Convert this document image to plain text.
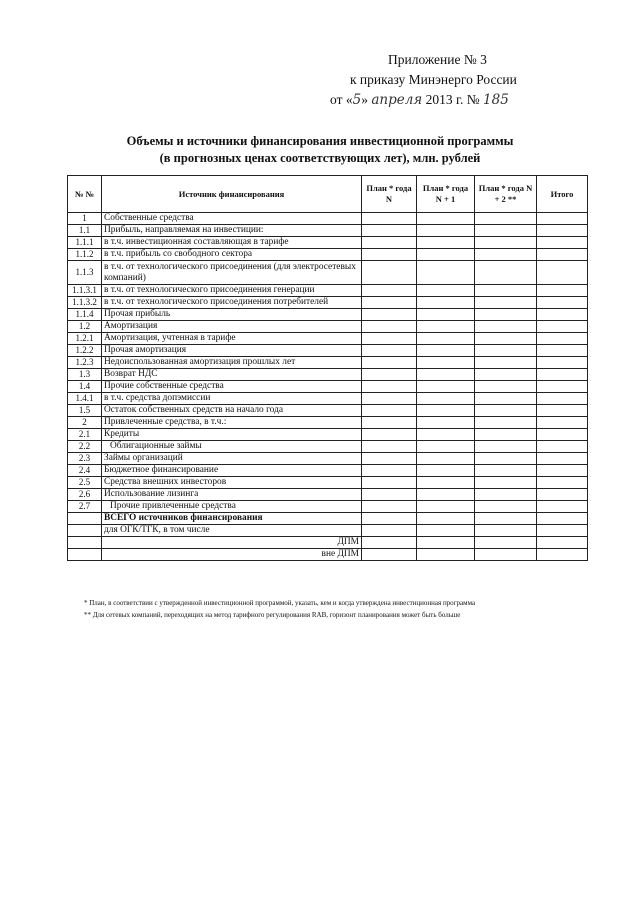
Приложение № 3
к приказу Минэнерго России
от «5» апреля 2013 г. № 185
Объемы и источники финансирования инвестиционной программы
(в прогнозных ценах соответствующих лет), млн. рублей
№ №	Источник финансирования	План * года N	План * года N + 1	План * года N + 2 **	Итого
1	Собственные средства				
1.1	Прибыль, направляемая на инвестиции:				
1.1.1	в т.ч. инвестиционная составляющая в тарифе				
1.1.2	в т.ч. прибыль со свободного сектора				
1.1.3	в т.ч. от технологического присоединения (для электросетевых компаний)				
1.1.3.1	в т.ч. от технологического присоединения генерации				
1.1.3.2	в т.ч. от технологического присоединения потребителей				
1.1.4	Прочая прибыль				
1.2	Амортизация				
1.2.1	Амортизация, учтенная в тарифе				
1.2.2	Прочая амортизация				
1.2.3	Недоиспользованная амортизация прошлых лет				
1.3	Возврат НДС				
1.4	Прочие собственные средства				
1.4.1	в т.ч. средства допэмиссии				
1.5	Остаток собственных средств на начало года				
2	Привлеченные средства, в т.ч.:				
2.1	Кредиты				
2.2	Облигационные займы				
2.3	Займы организаций				
2.4	Бюджетное финансирование				
2.5	Средства внешних инвесторов				
2.6	Использование лизинга				
2.7	Прочие привлеченные средства				
	ВСЕГО источников финансирования				
	для ОГК/ТГК, в том числе				
	ДПМ				
	вне ДПМ				
* План, в соответствии с утвержденной инвестиционной программой, указать, кем и когда утверждена инвестиционная программа
** Для сетевых компаний, переходящих на метод тарифного регулирования RAB, горизонт планирования может быть больше
